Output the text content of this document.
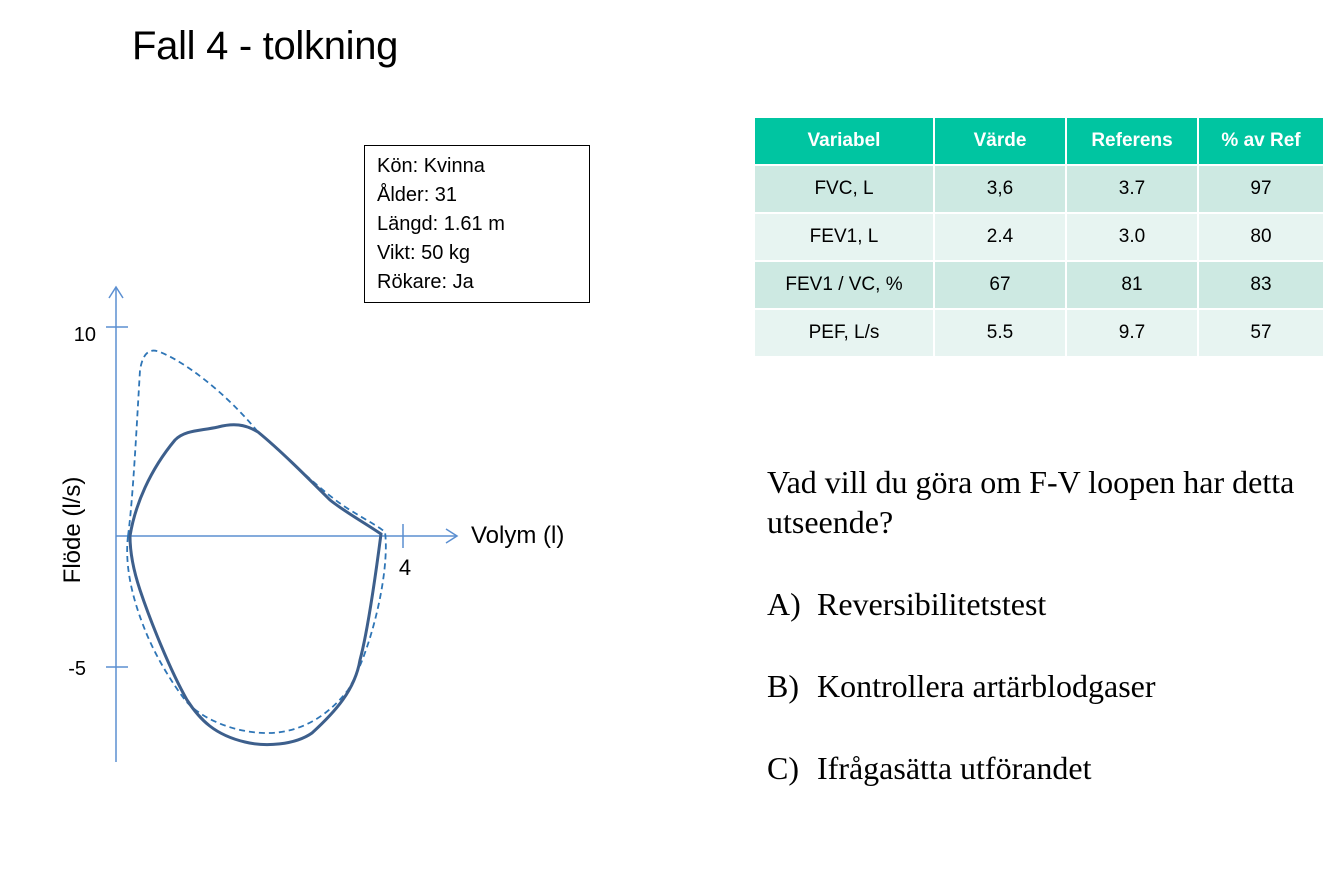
Fall 4 - tolkning
Kön: Kvinna
Ålder: 31
Längd: 1.61 m
Vikt: 50 kg
Rökare: Ja
10
-5
4
Volym (l)
Flöde (l/s)
Variabel	Värde	Referens	% av Ref
FVC, L	3,6	3.7	97
FEV1, L	2.4	3.0	80
FEV1 / VC, %	67	81	83
PEF, L/s	5.5	9.7	57
Vad vill du göra om F-V loopen har detta utseende?
A) Reversibilitetstest
B) Kontrollera artärblodgaser
C) Ifrågasätta utförandet
